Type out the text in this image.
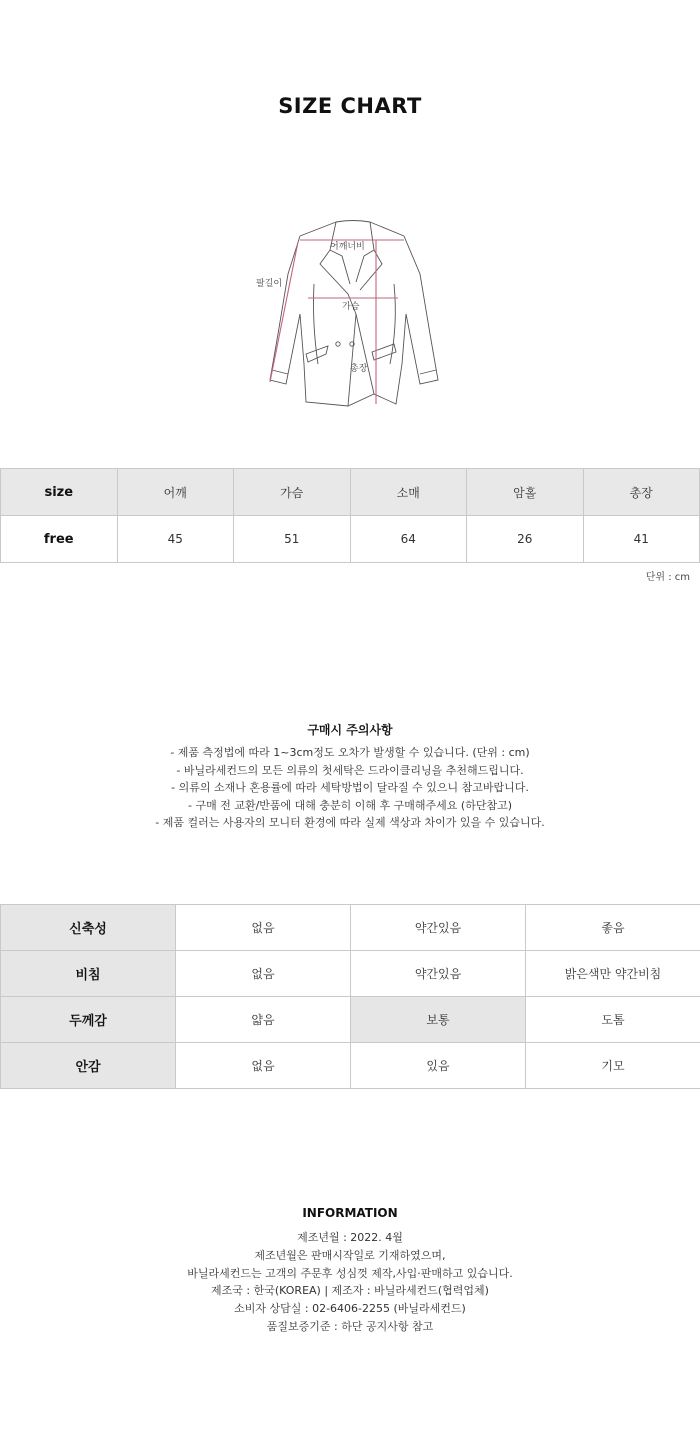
SIZE CHART
어깨너비
팔길이
가슴
총장
size	어깨	가슴	소매	암홀	총장
free	45	51	64	26	41
단위 : cm
구매시 주의사항
- 제품 측정법에 따라 1~3cm정도 오차가 발생할 수 있습니다. (단위 : cm)
- 바닐라세컨드의 모든 의류의 첫세탁은 드라이클리닝을 추천해드립니다.
- 의류의 소재나 혼용률에 따라 세탁방법이 달라질 수 있으니 참고바랍니다.
- 구매 전 교환/반품에 대해 충분히 이해 후 구매해주세요 (하단참고)
- 제품 컬러는 사용자의 모니터 환경에 따라 실제 색상과 차이가 있을 수 있습니다.
신축성	없음	약간있음	좋음
비침	없음	약간있음	밝은색만 약간비침
두께감	얇음	보통	도톰
안감	없음	있음	기모
INFORMATION
제조년월 : 2022. 4월
제조년월은 판매시작일로 기재하였으며,
바닐라세컨드는 고객의 주문후 성심껏 제작,사입·판매하고 있습니다.
제조국 : 한국(KOREA) | 제조자 : 바닐라세컨드(협력업체)
소비자 상담실 : 02-6406-2255 (바닐라세컨드)
품질보증기준 : 하단 공지사항 참고
